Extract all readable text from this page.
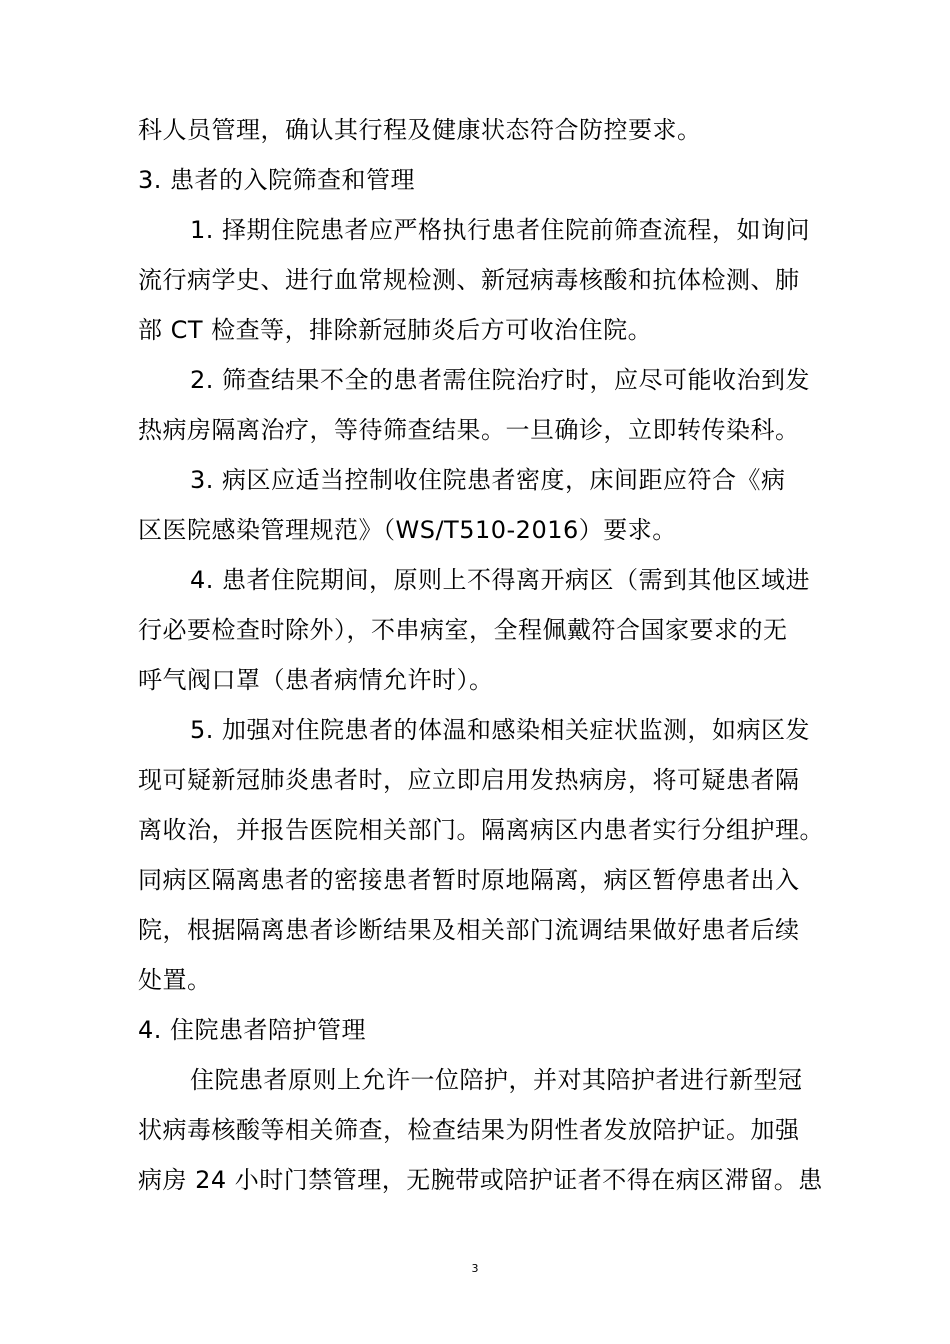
科人员管理，确认其行程及健康状态符合防控要求。
3. 患者的入院筛查和管理
1. 择期住院患者应严格执行患者住院前筛查流程，如询问
流行病学史、进行血常规检测、新冠病毒核酸和抗体检测、肺
部 CT 检查等，排除新冠肺炎后方可收治住院。
2. 筛查结果不全的患者需住院治疗时，应尽可能收治到发
热病房隔离治疗，等待筛查结果。一旦确诊，立即转传染科。
3. 病区应适当控制收住院患者密度，床间距应符合《病
区医院感染管理规范》（WS/T510-2016）要求。
4. 患者住院期间，原则上不得离开病区（需到其他区域进
行必要检查时除外），不串病室，全程佩戴符合国家要求的无
呼气阀口罩（患者病情允许时）。
5. 加强对住院患者的体温和感染相关症状监测，如病区发
现可疑新冠肺炎患者时，应立即启用发热病房，将可疑患者隔
离收治，并报告医院相关部门。隔离病区内患者实行分组护理。
同病区隔离患者的密接患者暂时原地隔离，病区暂停患者出入
院，根据隔离患者诊断结果及相关部门流调结果做好患者后续
处置。
4. 住院患者陪护管理
住院患者原则上允许一位陪护，并对其陪护者进行新型冠
状病毒核酸等相关筛查，检查结果为阴性者发放陪护证。加强
病房 24 小时门禁管理，无腕带或陪护证者不得在病区滞留。患
3
